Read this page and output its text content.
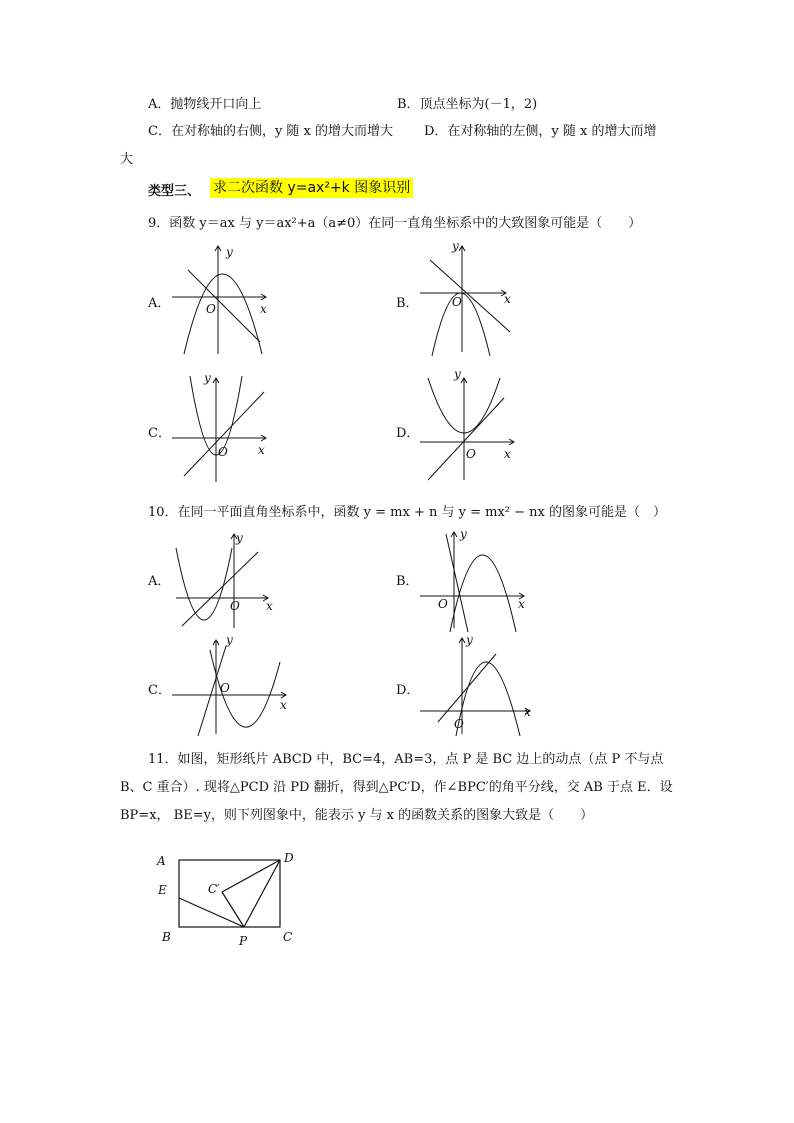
A．抛物线开口向上	B．顶点坐标为(－1，2)
C．在对称轴的右侧，y 随 x 的增大而增大 D．在对称轴的左侧，y 随 x 的增大而增
大
类型三、 求二次函数 y=ax²+k 图象识别
9．函数 y＝ax 与 y＝ax²+a（a≠0）在同一直角坐标系中的大致图象可能是（　　）
A．	B．
C．	D．
y
x
O
y
x
O
y
x
O
y
x
O
10．在同一平面直角坐标系中，函数 y = mx + n 与 y = mx² − nx 的图象可能是（　）
A．	B．
C．	D．
y
x
O
y
x
O
y
x
O
y
x
O
11．如图，矩形纸片 ABCD 中，BC=4，AB=3，点 P 是 BC 边上的动点（点 P 不与点
B、C 重合）. 现将△PCD 沿 PD 翻折，得到△PC′D，作∠BPC′的角平分线，交 AB 于点 E．设
BP=x， BE=y，则下列图象中，能表示 y 与 x 的函数关系的图象大致是（　　）
A
E
B	P	C
D
C′
